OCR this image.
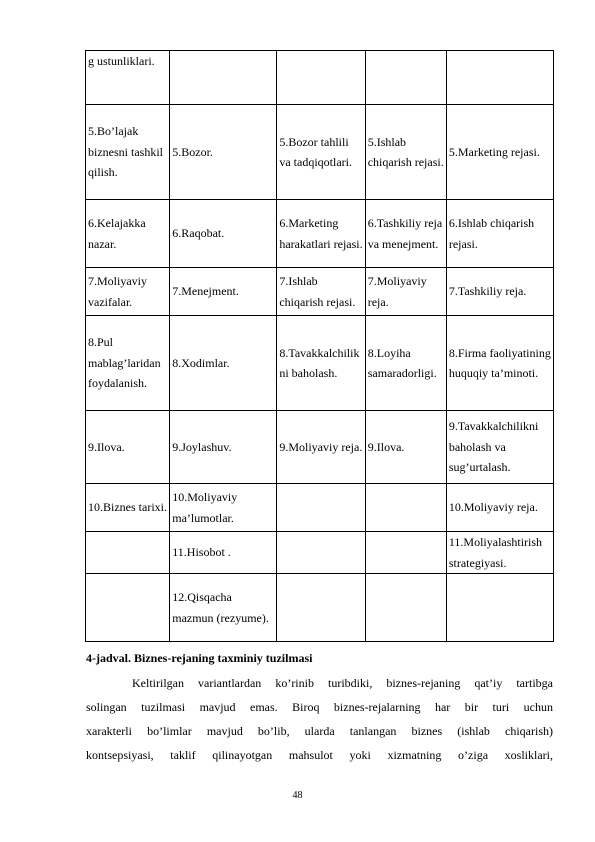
g ustunliklari.				
5.Bo’lajak biznesni tashkil qilish.	5.Bozor.	5.Bozor tahlili va tadqiqotlari.	5.Ishlab chiqarish rejasi.	5.Marketing rejasi.
6.Kelajakka nazar.	6.Raqobat.	6.Marketing harakatlari rejasi.	6.Tashkiliy reja va menejment.	6.Ishlab chiqarish rejasi.
7.Moliyaviy vazifalar.	7.Menejment.	7.Ishlab chiqarish rejasi.	7.Moliyaviy reja.	7.Tashkiliy reja.
8.Pul mablag’laridan foydalanish.	8.Xodimlar.	8.Tavakkalchilikni baholash.	8.Loyiha samaradorligi.	8.Firma faoliyatining huquqiy ta’minoti.
9.Ilova.	9.Joylashuv.	9.Moliyaviy reja.	9.Ilova.	9.Tavakkalchilikni baholash va sug’urtalash.
10.Biznes tarixi.	10.Moliyaviy ma’lumotlar.			10.Moliyaviy reja.
	11.Hisobot .			11.Moliyalashtirish strategiyasi.
	12.Qisqacha mazmun (rezyume).			
4-jadval. Biznes-rejaning taxminiy tuzilmasi
Keltirilgan variantlardan ko’rinib turibdiki, biznes-rejaning qat’iy tartibga
solingan tuzilmasi mavjud emas. Biroq biznes-rejalarning har bir turi uchun
xarakterli bo’limlar mavjud bo’lib, ularda tanlangan biznes (ishlab chiqarish)
kontsepsiyasi, taklif qilinayotgan mahsulot yoki xizmatning o’ziga xosliklari,
48
